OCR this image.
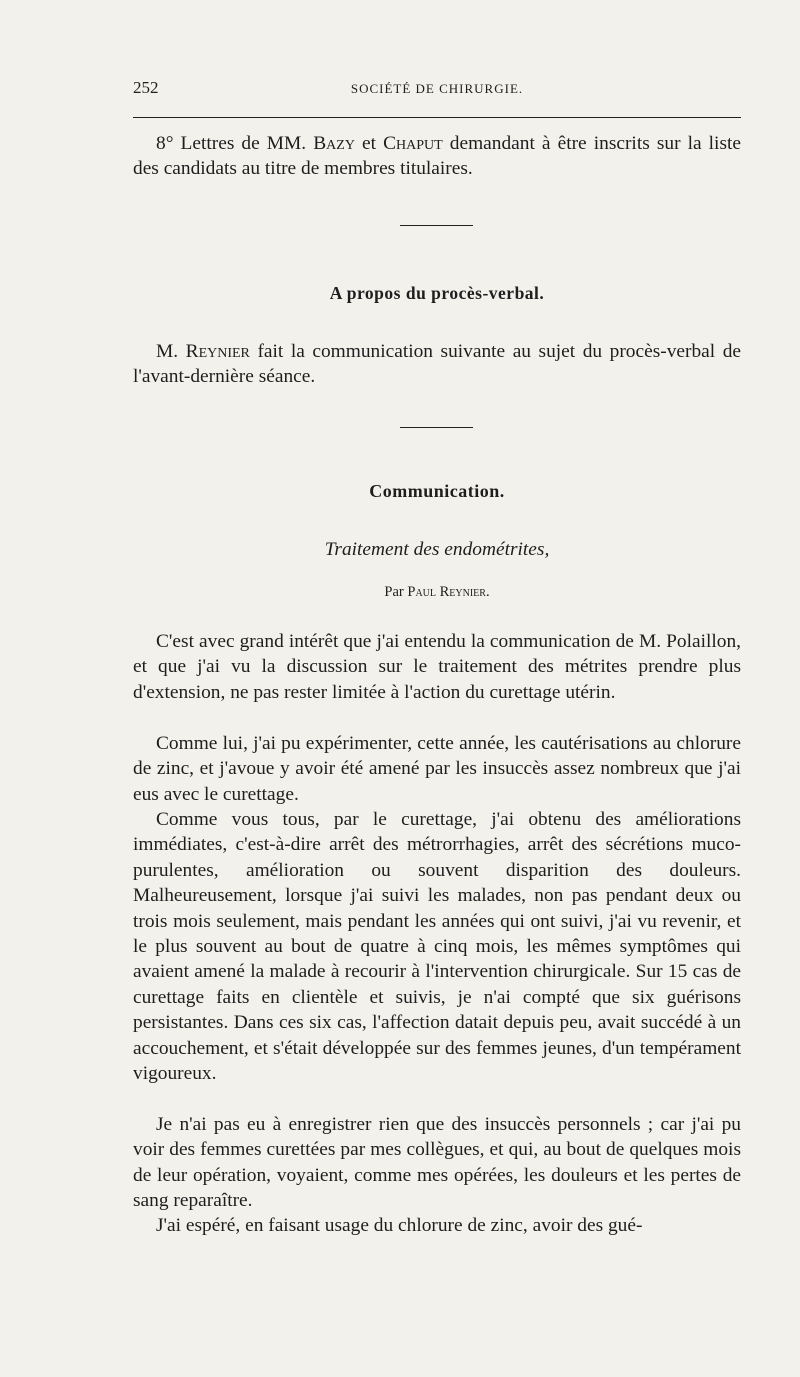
252	SOCIÉTÉ DE CHIRURGIE.

8° Lettres de MM. Bazy et Chaput demandant à être inscrits sur la liste des candidats au titre de membres titulaires.

A propos du procès-verbal.

M. Reynier fait la communication suivante au sujet du procès-verbal de l'avant-dernière séance.

Communication.
Traitement des endométrites,
Par Paul Reynier.

C'est avec grand intérêt que j'ai entendu la communication de M. Polaillon, et que j'ai vu la discussion sur le traitement des métrites prendre plus d'extension, ne pas rester limitée à l'action du curettage utérin.

Comme lui, j'ai pu expérimenter, cette année, les cautérisations au chlorure de zinc, et j'avoue y avoir été amené par les insuccès assez nombreux que j'ai eus avec le curettage.

Comme vous tous, par le curettage, j'ai obtenu des améliorations immédiates, c'est-à-dire arrêt des métrorrhagies, arrêt des sécrétions muco-purulentes, amélioration ou souvent disparition des douleurs. Malheureusement, lorsque j'ai suivi les malades, non pas pendant deux ou trois mois seulement, mais pendant les années qui ont suivi, j'ai vu revenir, et le plus souvent au bout de quatre à cinq mois, les mêmes symptômes qui avaient amené la malade à recourir à l'intervention chirurgicale. Sur 15 cas de curettage faits en clientèle et suivis, je n'ai compté que six guérisons persistantes. Dans ces six cas, l'affection datait depuis peu, avait succédé à un accouchement, et s'était développée sur des femmes jeunes, d'un tempérament vigoureux.

Je n'ai pas eu à enregistrer rien que des insuccès personnels ; car j'ai pu voir des femmes curettées par mes collègues, et qui, au bout de quelques mois de leur opération, voyaient, comme mes opérées, les douleurs et les pertes de sang reparaître.

J'ai espéré, en faisant usage du chlorure de zinc, avoir des gué-
